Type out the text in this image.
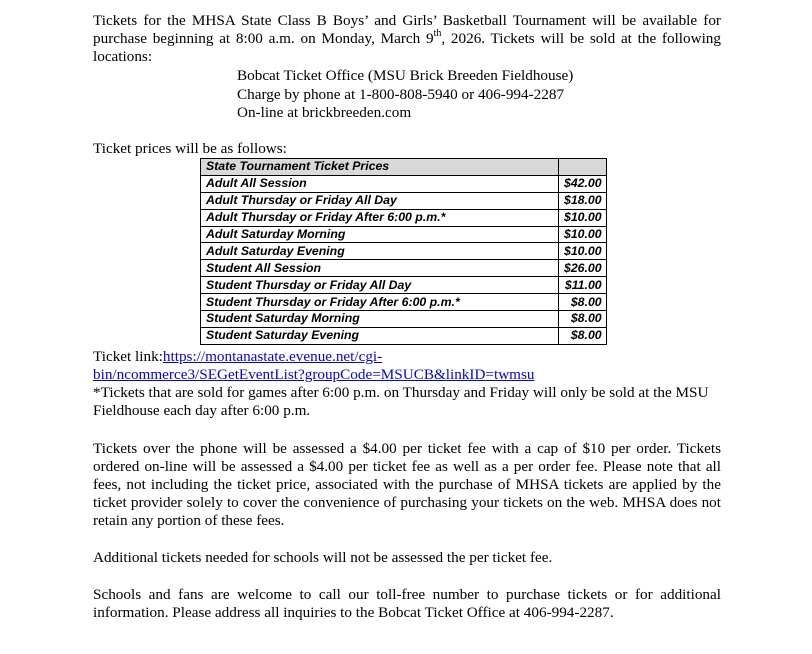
Tickets for the MHSA State Class B Boys’ and Girls’ Basketball Tournament will be available for purchase beginning at 8:00 a.m. on Monday, March 9th, 2026. Tickets will be sold at the following locations:

Bobcat Ticket Office (MSU Brick Breeden Fieldhouse)
Charge by phone at 1-800-808-5940 or 406-994-2287
On-line at brickbreeden.com

Ticket prices will be as follows:

State Tournament Ticket Prices	
Adult All Session	$42.00
Adult Thursday or Friday All Day	$18.00
Adult Thursday or Friday After 6:00 p.m.*	$10.00
Adult Saturday Morning	$10.00
Adult Saturday Evening	$10.00
Student All Session	$26.00
Student Thursday or Friday All Day	$11.00
Student Thursday or Friday After 6:00 p.m.*	$8.00
Student Saturday Morning	$8.00
Student Saturday Evening	$8.00
Ticket link:https://montanastate.evenue.net/cgi-
bin/ncommerce3/SEGetEventList?groupCode=MSUCB&linkID=twmsu

*Tickets that are sold for games after 6:00 p.m. on Thursday and Friday will only be sold at the MSU Fieldhouse each day after 6:00 p.m.

Tickets over the phone will be assessed a $4.00 per ticket fee with a cap of $10 per order. Tickets ordered on-line will be assessed a $4.00 per ticket fee as well as a per order fee. Please note that all fees, not including the ticket price, associated with the purchase of MHSA tickets are applied by the ticket provider solely to cover the convenience of purchasing your tickets on the web. MHSA does not retain any portion of these fees.

Additional tickets needed for schools will not be assessed the per ticket fee.

Schools and fans are welcome to call our toll-free number to purchase tickets or for additional information. Please address all inquiries to the Bobcat Ticket Office at 406-994-2287.
